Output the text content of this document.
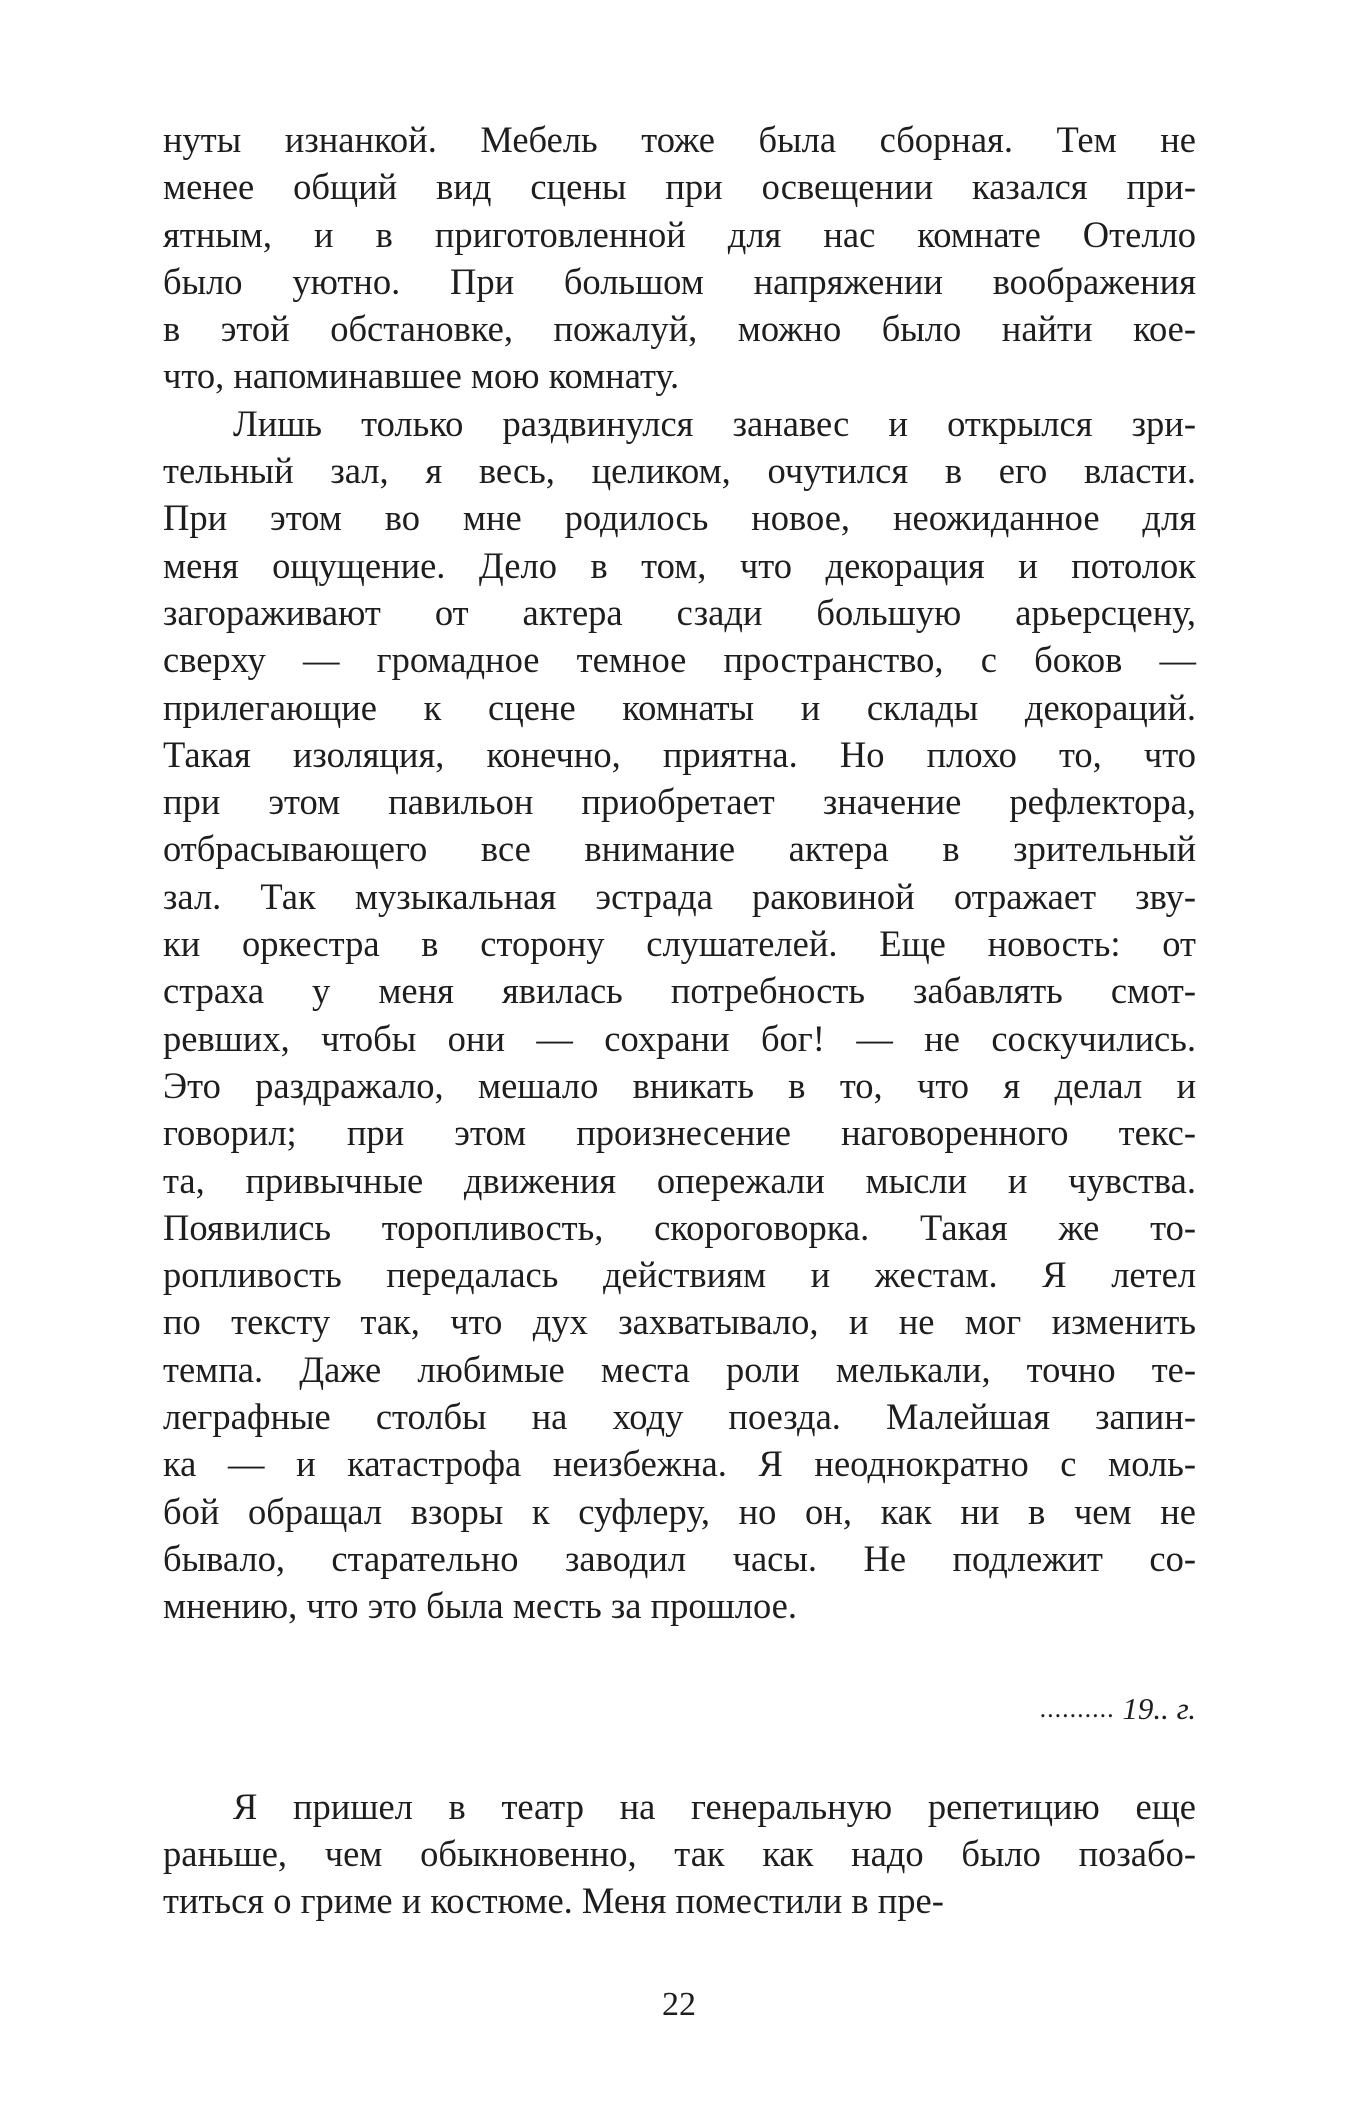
нуты изнанкой. Мебель тоже была сборная. Тем не
менее общий вид сцены при освещении казался при-
ятным, и в приготовленной для нас комнате Отелло
было уютно. При большом напряжении воображения
в этой обстановке, пожалуй, можно было найти кое-
что, напоминавшее мою комнату.
Лишь только раздвинулся занавес и открылся зри-
тельный зал, я весь, целиком, очутился в его власти.
При этом во мне родилось новое, неожиданное для
меня ощущение. Дело в том, что декорация и потолок
загораживают от актера сзади большую арьерсцену,
сверху — громадное темное пространство, с боков —
прилегающие к сцене комнаты и склады декораций.
Такая изоляция, конечно, приятна. Но плохо то, что
при этом павильон приобретает значение рефлектора,
отбрасывающего все внимание актера в зрительный
зал. Так музыкальная эстрада раковиной отражает зву-
ки оркестра в сторону слушателей. Еще новость: от
страха у меня явилась потребность забавлять смот-
ревших, чтобы они — сохрани бог! — не соскучились.
Это раздражало, мешало вникать в то, что я делал и
говорил; при этом произнесение наговоренного текс-
та, привычные движения опережали мысли и чувства.
Появились торопливость, скороговорка. Такая же то-
ропливость передалась действиям и жестам. Я летел
по тексту так, что дух захватывало, и не мог изменить
темпа. Даже любимые места роли мелькали, точно те-
леграфные столбы на ходу поезда. Малейшая запин-
ка — и катастрофа неизбежна. Я неоднократно с моль-
бой обращал взоры к суфлеру, но он, как ни в чем не
бывало, старательно заводил часы. Не подлежит со-
мнению, что это была месть за прошлое.
.......... 19.. г.
Я пришел в театр на генеральную репетицию еще
раньше, чем обыкновенно, так как надо было позабо-
титься о гриме и костюме. Меня поместили в пре-
22
